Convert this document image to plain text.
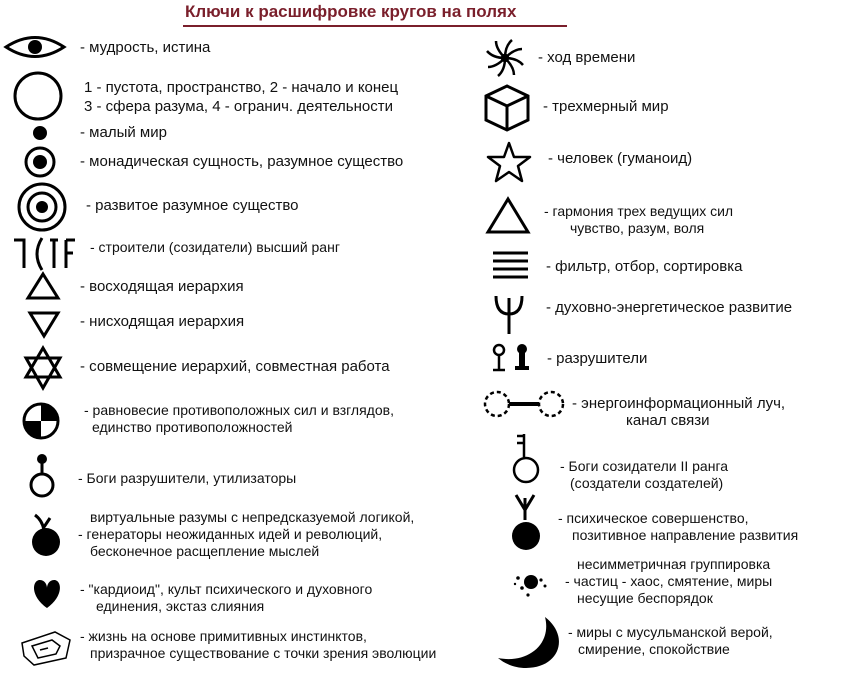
Ключи к расшифровке кругов на полях
- мудрость, истина
1 - пустота, пространство, 2 - начало и конец
3 - сфера разума, 4 - огранич. деятельности
- малый мир
- монадическая сущность, разумное существо
- развитое разумное существо
- строители (созидатели) высший ранг
- восходящая иерархия
- нисходящая иерархия
- совмещение иерархий, совместная работа
- равновесие противоположных сил и взглядов,
единство противоположностей
- Боги разрушители, утилизаторы
виртуальные разумы с непредсказуемой логикой,
- генераторы неожиданных идей и революций,
бесконечное расщепление мыслей
- "кардиоид", культ психического и духовного
единения, экстаз слияния
- жизнь на основе примитивных инстинктов,
призрачное существование с точки зрения эволюции
- ход времени
- трехмерный мир
- человек (гуманоид)
- гармония трех ведущих сил
чувство, разум, воля
- фильтр, отбор, сортировка
- духовно-энергетическое развитие
- разрушители
- энергоинформационный луч,
канал связи
- Боги созидатели II ранга
(создатели создателей)
- психическое совершенство,
позитивное направление развития
несимметричная группировка
- частиц - хаос, смятение, миры
несущие беспорядок
- миры с мусульманской верой,
смирение, спокойствие
